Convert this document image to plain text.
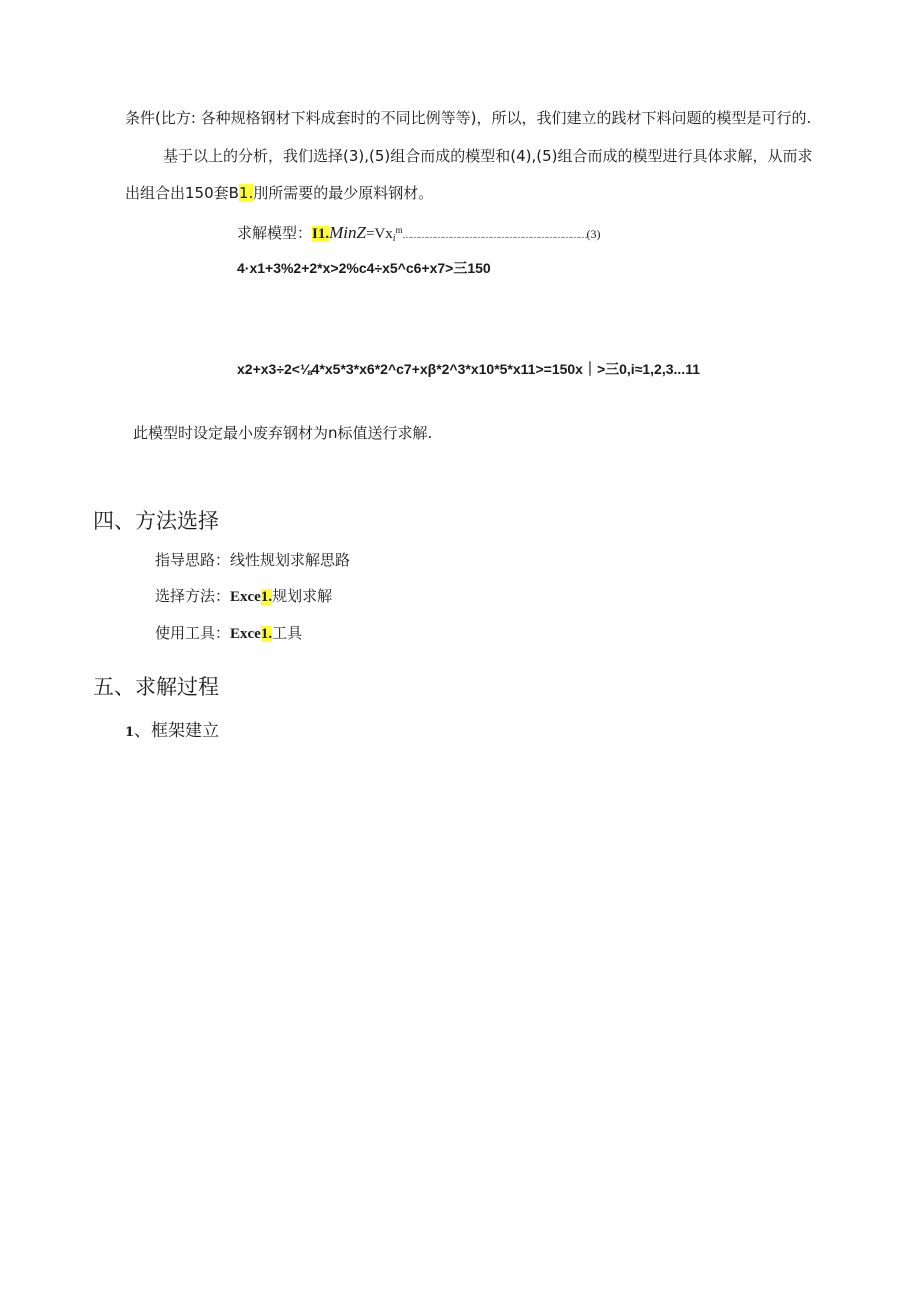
条件(比方: 各种规格钢材下料成套时的不同比例等等)，所以，我们建立的践材下料问题的模型是可行的.
基于以上的分析，我们选择(3),(5)组合而成的模型和(4),(5)组合而成的模型进行具体求解，从而求
出组合出150套B1.刖所需要的最少原料钢材。
求解模型：$I1.MinZ=Vx_i^m\dots\dots\dots\dots\dots\dots\dots\dots\dots\dots\dots\dots\dots\dots\dots\dots\dots\dots\dots\dots\dots\dots\dots(3)$
4·x1+3%2+2*x>2%c4÷x5^c6+x7>三150
x2+x3÷2<⅛4*x5*3*x6*2^c7+xβ*2^3*x10*5*x11>=150x｜>三0,i≈1,2,3...11
此模型时设定最小废弃钢材为n标值送行求解.
四、方法选择
指导思路：线性规划求解思路
选择方法：Exce1.规划求解
使用工具：Exce1.工具
五、求解过程
1、框架建立
